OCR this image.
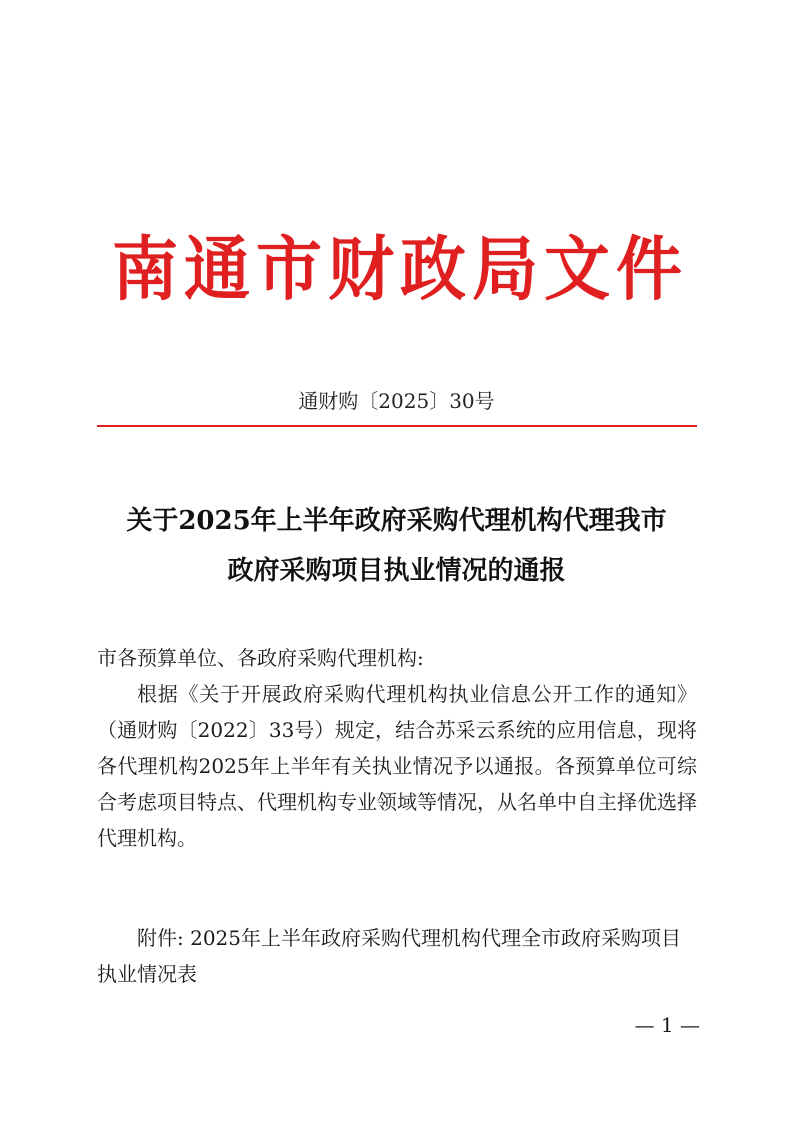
南通市财政局文件
通财购〔2025〕30号
关于2025年上半年政府采购代理机构代理我市
政府采购项目执业情况的通报

市各预算单位、各政府采购代理机构:

根据《关于开展政府采购代理机构执业信息公开工作的通知》（通财购〔2022〕33号）规定，结合苏采云系统的应用信息，现将各代理机构2025年上半年有关执业情况予以通报。各预算单位可综合考虑项目特点、代理机构专业领域等情况，从名单中自主择优选择代理机构。

附件: 2025年上半年政府采购代理机构代理全市政府采购项目执业情况表

— 1 —
